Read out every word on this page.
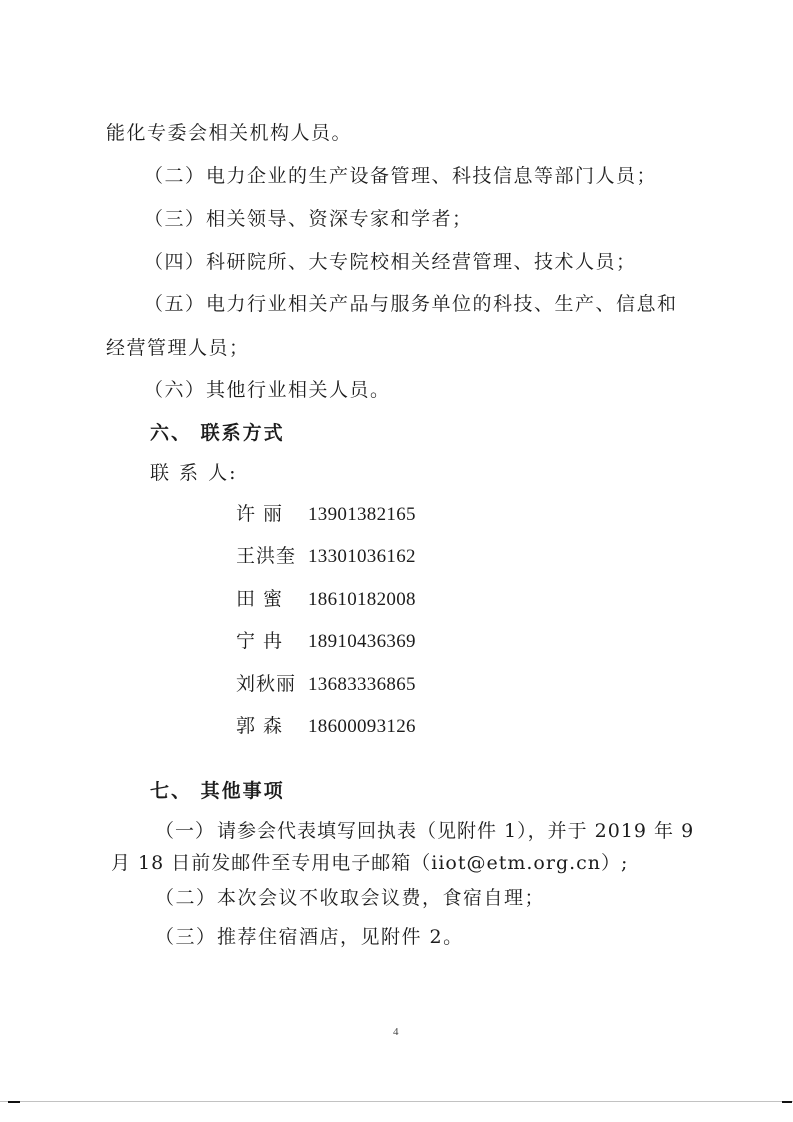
能化专委会相关机构人员。
（二）电力企业的生产设备管理、科技信息等部门人员；
（三）相关领导、资深专家和学者；
（四）科研院所、大专院校相关经营管理、技术人员；
（五）电力行业相关产品与服务单位的科技、生产、信息和
经营管理人员；
（六）其他行业相关人员。
六、 联系方式
联 系 人:
许 丽 13901382165
王洪奎 13301036162
田 蜜 18610182008
宁 冉 18910436369
刘秋丽 13683336865
郭 森 18600093126
七、 其他事项
（一） 请参会代表填写回执表（见附件 1），并于 2019 年 9
月 18 日前发邮件至专用电子邮箱（iiot@etm.org.cn）;
（二）本次会议不收取会议费，食宿自理；
（三）推荐住宿酒店，见附件 2。
4
